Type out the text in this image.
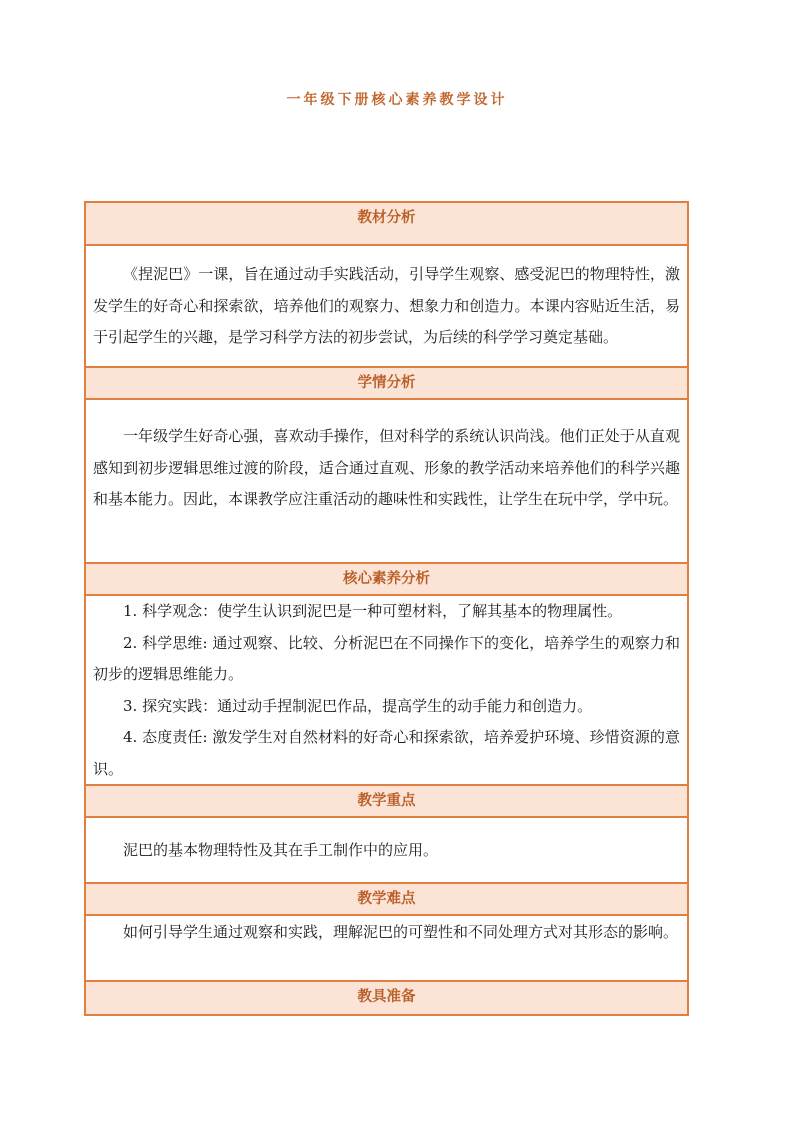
一年级下册核心素养教学设计
教材分析

《捏泥巴》一课，旨在通过动手实践活动，引导学生观察、感受泥巴的物理特性，激发学生的好奇心和探索欲，培养他们的观察力、想象力和创造力。本课内容贴近生活，易于引起学生的兴趣，是学习科学方法的初步尝试，为后续的科学学习奠定基础。

学情分析

一年级学生好奇心强，喜欢动手操作，但对科学的系统认识尚浅。他们正处于从直观感知到初步逻辑思维过渡的阶段，适合通过直观、形象的教学活动来培养他们的科学兴趣和基本能力。因此，本课教学应注重活动的趣味性和实践性，让学生在玩中学，学中玩。

核心素养分析

1. 科学观念：使学生认识到泥巴是一种可塑材料，了解其基本的物理属性。

2. 科学思维: 通过观察、比较、分析泥巴在不同操作下的变化，培养学生的观察力和初步的逻辑思维能力。

3. 探究实践：通过动手捏制泥巴作品，提高学生的动手能力和创造力。

4. 态度责任: 激发学生对自然材料的好奇心和探索欲，培养爱护环境、珍惜资源的意识。

教学重点

泥巴的基本物理特性及其在手工制作中的应用。

教学难点

如何引导学生通过观察和实践，理解泥巴的可塑性和不同处理方式对其形态的影响。

教具准备
